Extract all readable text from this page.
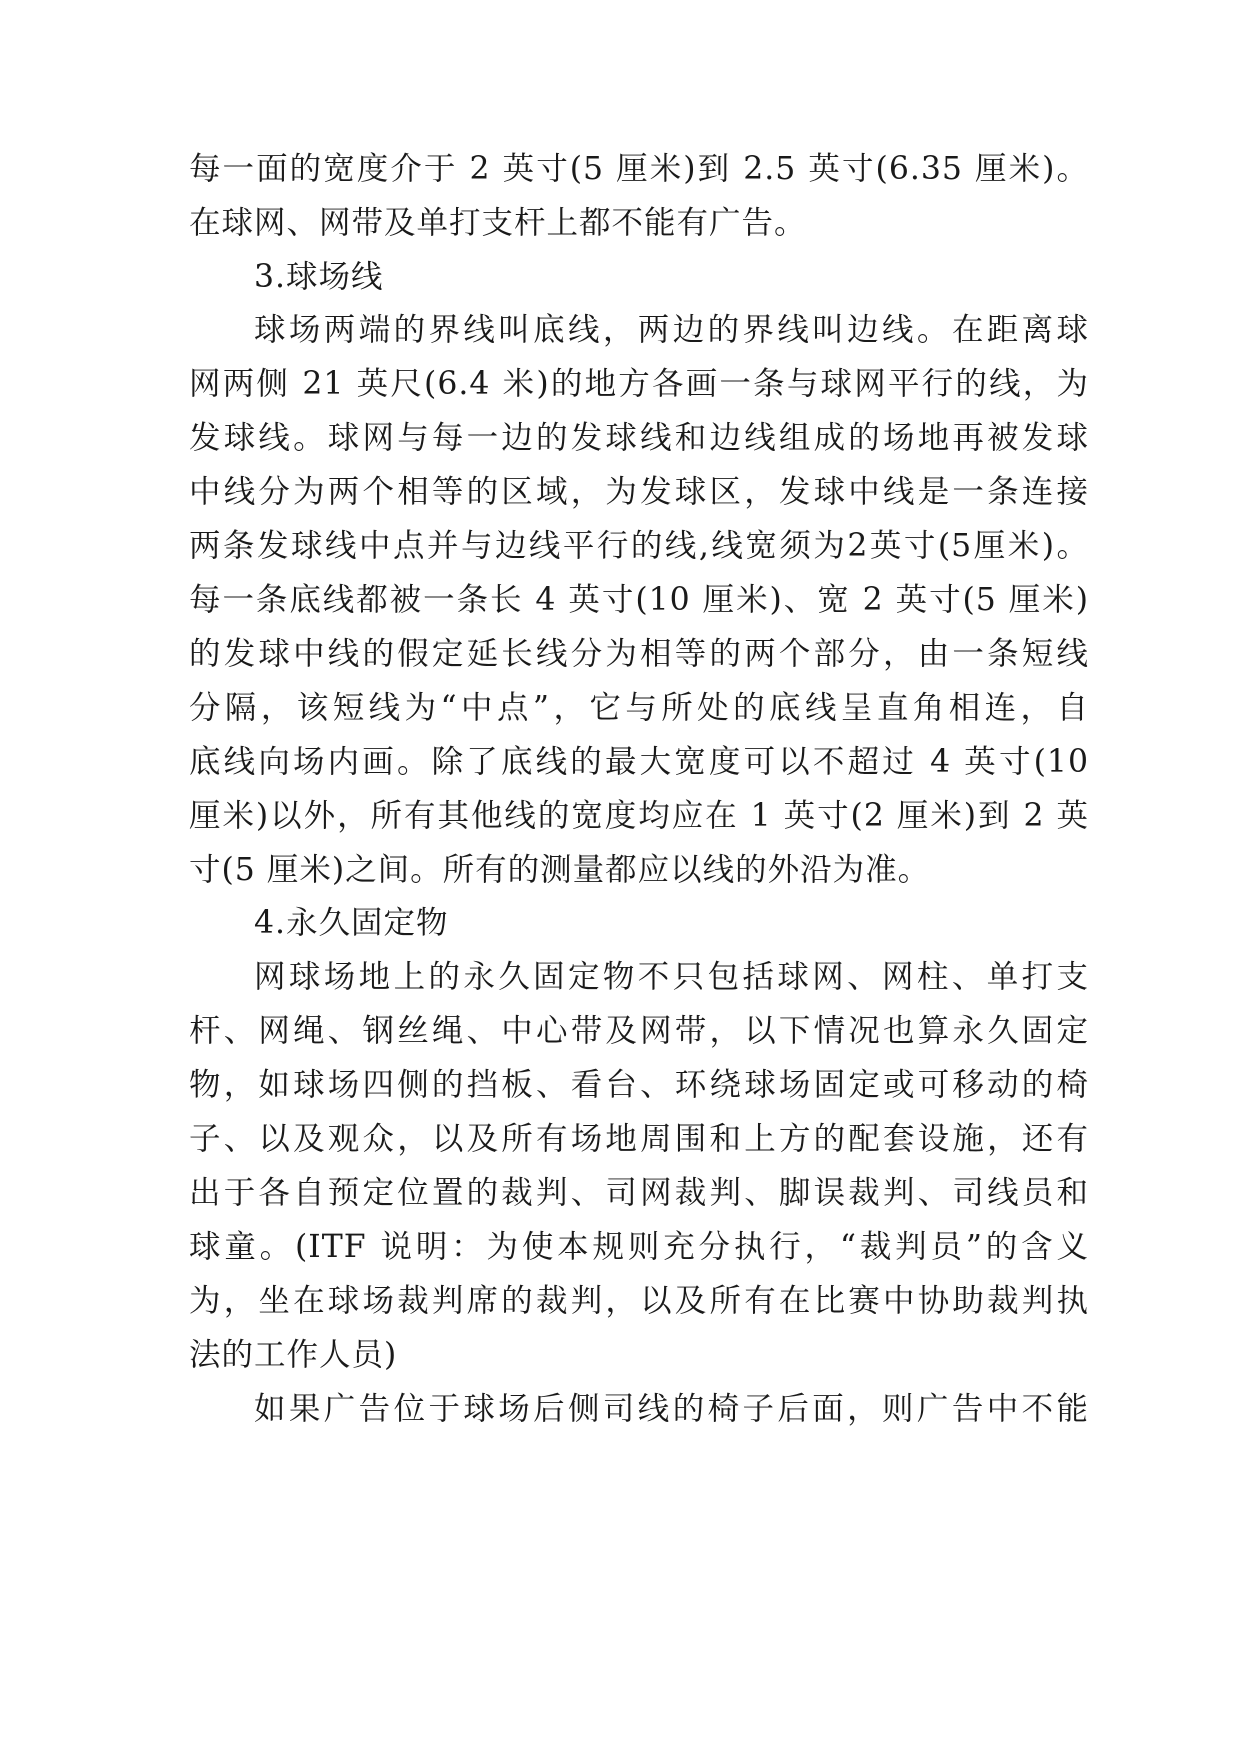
每一面的宽度介于 2 英寸(5 厘米)到 2.5 英寸(6.35 厘米)。
在球网、网带及单打支杆上都不能有广告。
3.球场线
球场两端的界线叫底线，两边的界线叫边线。在距离球
网两侧 21 英尺(6.4 米)的地方各画一条与球网平行的线，为
发球线。球网与每一边的发球线和边线组成的场地再被发球
中线分为两个相等的区域，为发球区，发球中线是一条连接
两条发球线中点并与边线平行的线,线宽须为2英寸(5厘米)。
每一条底线都被一条长 4 英寸(10 厘米)、宽 2 英寸(5 厘米)
的发球中线的假定延长线分为相等的两个部分，由一条短线
分隔，该短线为“中点”，它与所处的底线呈直角相连，自
底线向场内画。除了底线的最大宽度可以不超过 4 英寸(10
厘米)以外，所有其他线的宽度均应在 1 英寸(2 厘米)到 2 英
寸(5 厘米)之间。所有的测量都应以线的外沿为准。
4.永久固定物
网球场地上的永久固定物不只包括球网、网柱、单打支
杆、网绳、钢丝绳、中心带及网带，以下情况也算永久固定
物，如球场四侧的挡板、看台、环绕球场固定或可移动的椅
子、以及观众，以及所有场地周围和上方的配套设施，还有
出于各自预定位置的裁判、司网裁判、脚误裁判、司线员和
球童。(ITF 说明：为使本规则充分执行，“裁判员”的含义
为，坐在球场裁判席的裁判，以及所有在比赛中协助裁判执
法的工作人员)
如果广告位于球场后侧司线的椅子后面，则广告中不能
